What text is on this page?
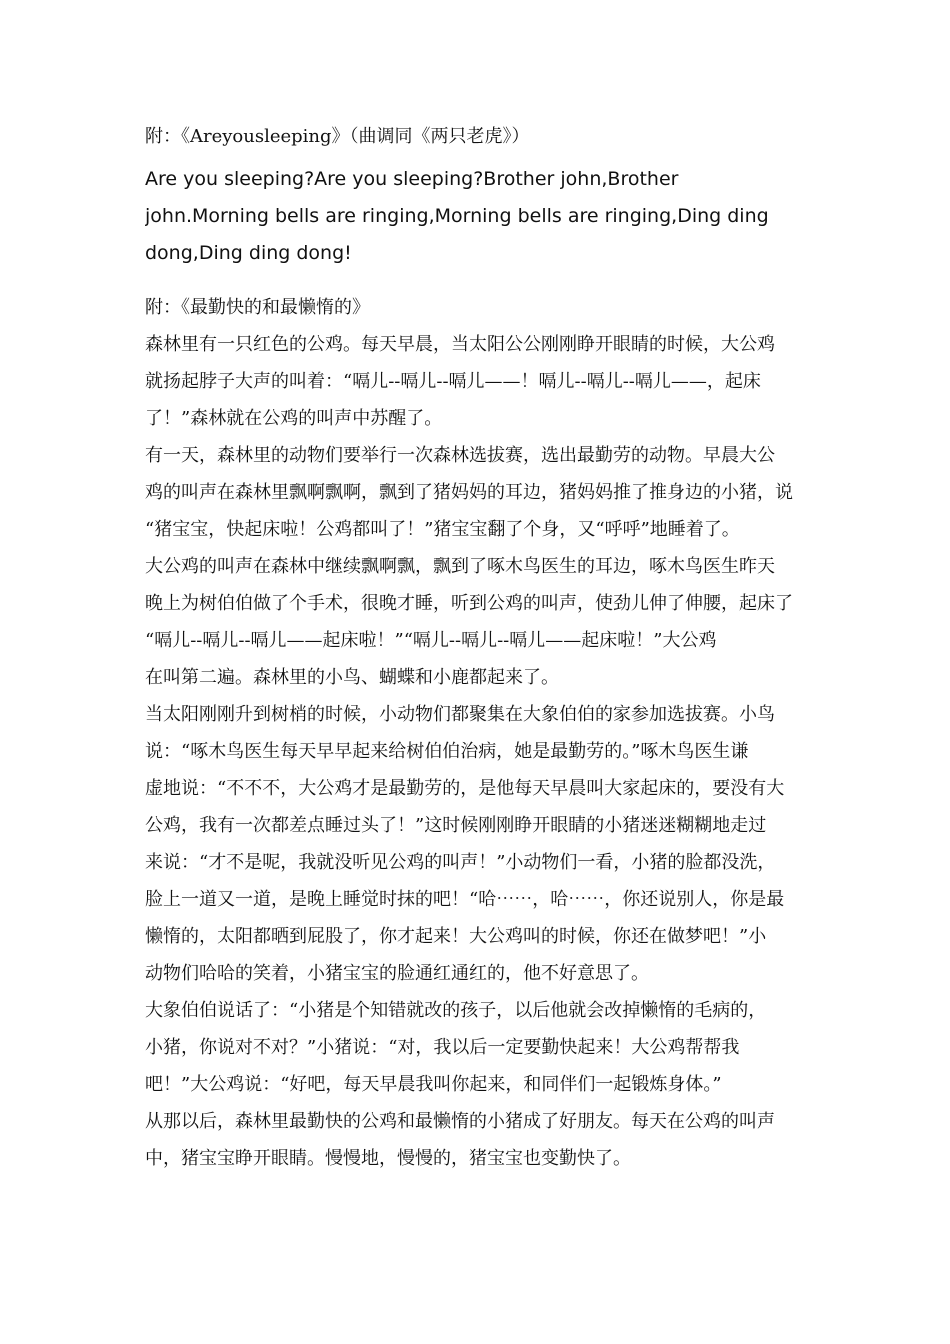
附：《Areyousleeping》（曲调同《两只老虎》）
Are you sleeping?Are you sleeping?Brother john,Brother
john.Morning bells are ringing,Morning bells are ringing,Ding ding
dong,Ding ding dong!
附：《最勤快的和最懒惰的》
森林里有一只红色的公鸡。每天早晨，当太阳公公刚刚睁开眼睛的时候，大公鸡
就扬起脖子大声的叫着：“嗝儿--嗝儿--嗝儿——！嗝儿--嗝儿--嗝儿——，起床
了！”森林就在公鸡的叫声中苏醒了。
有一天，森林里的动物们要举行一次森林选拔赛，选出最勤劳的动物。早晨大公
鸡的叫声在森林里飘啊飘啊，飘到了猪妈妈的耳边，猪妈妈推了推身边的小猪，说
“猪宝宝，快起床啦！公鸡都叫了！”猪宝宝翻了个身，又“呼呼”地睡着了。
大公鸡的叫声在森林中继续飘啊飘，飘到了啄木鸟医生的耳边，啄木鸟医生昨天
晚上为树伯伯做了个手术，很晚才睡，听到公鸡的叫声，使劲儿伸了伸腰，起床了
“嗝儿--嗝儿--嗝儿——起床啦！”“嗝儿--嗝儿--嗝儿——起床啦！”大公鸡
在叫第二遍。森林里的小鸟、蝴蝶和小鹿都起来了。
当太阳刚刚升到树梢的时候，小动物们都聚集在大象伯伯的家参加选拔赛。小鸟
说：“啄木鸟医生每天早早起来给树伯伯治病，她是最勤劳的。”啄木鸟医生谦
虚地说：“不不不，大公鸡才是最勤劳的，是他每天早晨叫大家起床的，要没有大
公鸡，我有一次都差点睡过头了！”这时候刚刚睁开眼睛的小猪迷迷糊糊地走过
来说：“才不是呢，我就没听见公鸡的叫声！”小动物们一看，小猪的脸都没洗，
脸上一道又一道，是晚上睡觉时抹的吧！“哈⋯⋯，哈⋯⋯，你还说别人，你是最
懒惰的，太阳都晒到屁股了，你才起来！大公鸡叫的时候，你还在做梦吧！”小
动物们哈哈的笑着，小猪宝宝的脸通红通红的，他不好意思了。
大象伯伯说话了：“小猪是个知错就改的孩子，以后他就会改掉懒惰的毛病的，
小猪，你说对不对？”小猪说：“对，我以后一定要勤快起来！大公鸡帮帮我
吧！”大公鸡说：“好吧，每天早晨我叫你起来，和同伴们一起锻炼身体。”
从那以后，森林里最勤快的公鸡和最懒惰的小猪成了好朋友。每天在公鸡的叫声
中，猪宝宝睁开眼睛。慢慢地，慢慢的，猪宝宝也变勤快了。
